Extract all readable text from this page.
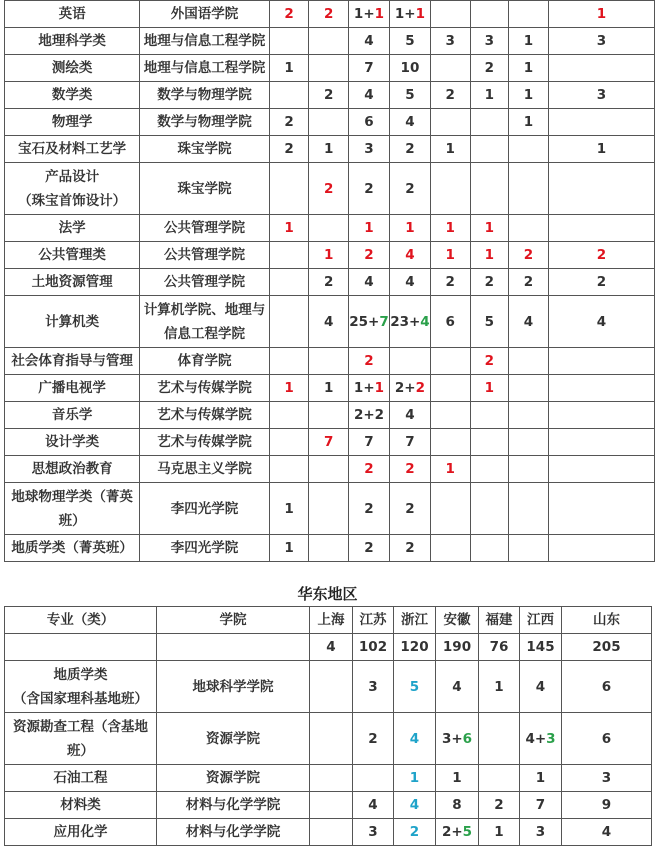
英语	外国语学院	2	2	1+1	1+1				1
地理科学类	地理与信息工程学院			4	5	3	3	1	3
测绘类	地理与信息工程学院	1		7	10		2	1	
数学类	数学与物理学院		2	4	5	2	1	1	3
物理学	数学与物理学院	2		6	4			1	
宝石及材料工艺学	珠宝学院	2	1	3	2	1			1
产品设计
（珠宝首饰设计）	珠宝学院		2	2	2				
法学	公共管理学院	1		1	1	1	1		
公共管理类	公共管理学院		1	2	4	1	1	2	2
土地资源管理	公共管理学院		2	4	4	2	2	2	2
计算机类	计算机学院、地理与
信息工程学院		4	25+7	23+4	6	5	4	4
社会体育指导与管理	体育学院			2			2		
广播电视学	艺术与传媒学院	1	1	1+1	2+2		1		
音乐学	艺术与传媒学院			2+2	4				
设计学类	艺术与传媒学院		7	7	7				
思想政治教育	马克思主义学院			2	2	1			
地球物理学类（菁英
班）	李四光学院	1		2	2				
地质学类（菁英班）	李四光学院	1		2	2				
华东地区
专业（类）	学院	上海	江苏	浙江	安徽	福建	江西	山东
		4	102	120	190	76	145	205
地质学类
（含国家理科基地班）	地球科学学院		3	5	4	1	4	6
资源勘查工程（含基地
班）	资源学院		2	4	3+6		4+3	6
石油工程	资源学院			1	1		1	3
材料类	材料与化学学院		4	4	8	2	7	9
应用化学	材料与化学学院		3	2	2+5	1	3	4
